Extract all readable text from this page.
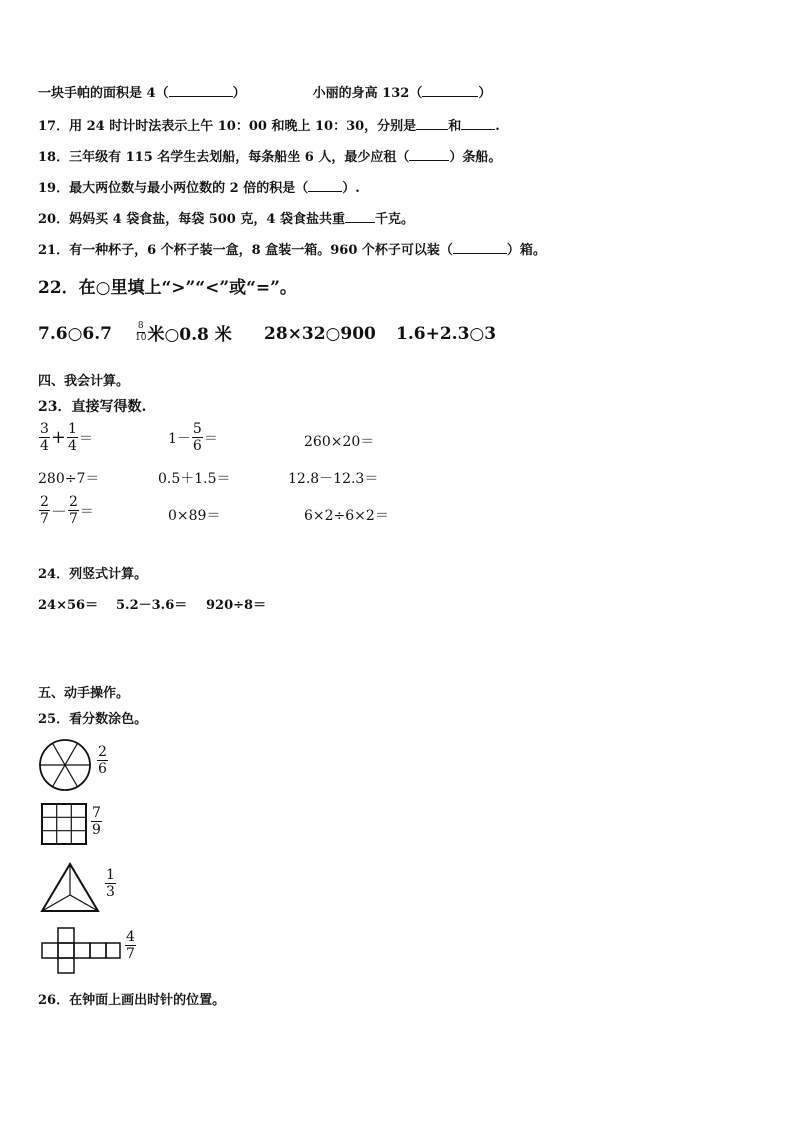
一块手帕的面积是 4（	）	小丽的身高 132（	）
17．用 24 时计时法表示上午 10：00 和晚上 10：30，分别是 和	.
18．三年级有 115 名学生去划船，每条船坐 6 人，最少应租（	）条船。
19．最大两位数与最小两位数的 2 倍的积是（	）.
20．妈妈买 4 袋食盐，每袋 500 克，4 袋食盐共重 千克。
21．有一种杯子，6 个杯子装一盒，8 盒装一箱。960 个杯子可以装（	）箱。
22．在○里填上“>”“<”或“=”。
7.6○6.7	$\frac{8}{10}$ 米○0.8 米 28×32○900 1.6+2.3○3
四、我会计算。
23．直接写得数.
$\frac{3}{4} + \frac{1}{4}$ ＝	$1- \frac{5}{6}$ ＝	260×20＝
280÷7＝	0.5＋1.5＝	12.8－12.3＝
$\frac{2}{7} - \frac{2}{7}$ ＝	0×89＝	6×2÷6×2＝
24．列竖式计算。
24×56＝ 5.2－3.6＝ 920÷8＝
五、动手操作。
25．看分数涂色。
$\frac{2}{6}$
$\frac{7}{9}$
$\frac{1}{3}$
$\frac{4}{7}$
26．在钟面上画出时针的位置。
